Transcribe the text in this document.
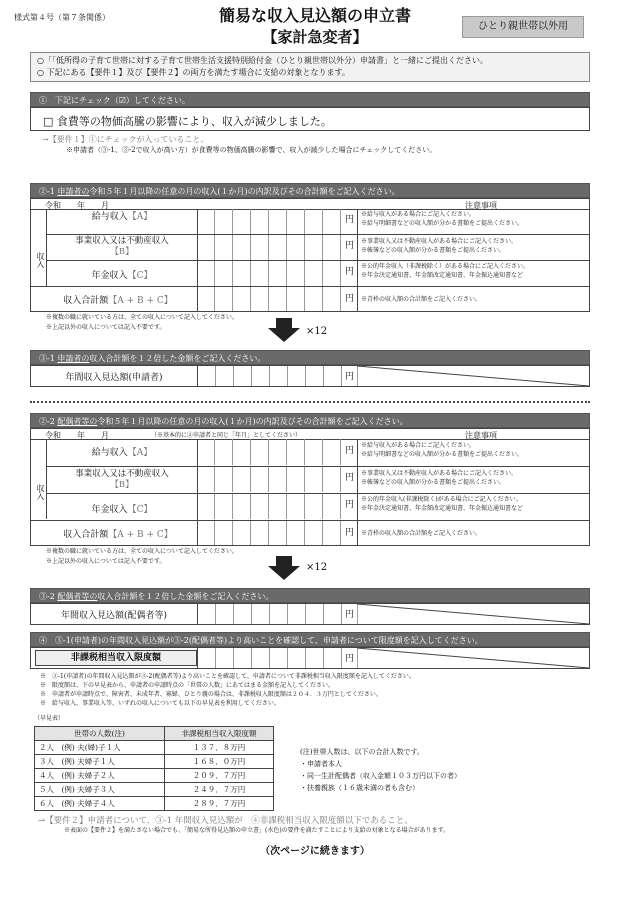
様式第４号（第７条関係）	簡易な収入見込額の申立書
【家計急変者】
ひとり親世帯以外用
○「「低所得の子育て世帯に対する子育て世帯生活支援特別給付金（ひとり親世帯以外分）申請書」と一緒にご提出ください。
○ 下記にある【要件１】及び【要件２】の両方を満たす場合に支給の対象となります。
①　下記にチェック（☑）してください。
□ 食費等の物価高騰の影響により、収入が減少しました。
→【要件１】①にチェックが入っていること。
※申請者（③-1、③-2で収入が高い方）が食費等の物価高騰の影響で、収入が減少した場合にチェックしてください。
②-1 申請者の令和５年１月以降の任意の月の収入(１か月)の内訳及びその合計額をご記入ください。
令和　　年　　月	注意事項
収入
給与収入【A】	円
※給与収入がある場合にご記入ください。
※給与明細書などの収入額が分かる書類をご提出ください。
事業収入又は不動産収入
【B】
円 ※事業収入又は不動産収入がある場合にご記入ください。
※帳簿などの収入額が分かる書類をご提出ください。
年金収入【C】	円
※公的年金収入（非課税除く）がある場合にご記入ください。
※年金決定通知書、年金額改定通知書、年金振込通知書など
収入合計額【A + B + C】	円 ※青枠の収入額の合計額をご記入ください。
※複数の職に就いている方は、全ての収入について記入してください。
※上記以外の収入については記入不要です。	×12
③-1 申請者の収入合計額を１２倍した金額をご記入ください。
年間収入見込額(申請者)	円
②-2 配偶者等の令和５年１月以降の任意の月の収入(１か月)の内訳及びその合計額をご記入ください。
令和　　年　　月	（※基本的に②申請者と同じ「年月」としてください）	注意事項
収入
給与収入【A】	円
※給与収入がある場合にご記入ください。
※給与明細書などの収入額が分かる書類をご提出ください。
事業収入又は不動産収入
【B】
円 ※事業収入又は不動産収入がある場合にご記入ください。
※帳簿などの収入額が分かる書類をご提出ください。
年金収入【C】	円
※公的年金収入(非課税除く)がある場合にご記入ください。
※年金決定通知書、年金額改定通知書、年金振込通知書など
収入合計額【A + B + C】	円 ※青枠の収入額の合計額をご記入ください。
※複数の職に就いている方は、全ての収入について記入してください。
※上記以外の収入については記入不要です。
×12
③-2 配偶者等の収入合計額を１２倍した金額をご記入ください。
年間収入見込額(配偶者等)	円
④　③-1(申請者)の年間収入見込額が③-2(配偶者等)より高いことを確認して、申請者について限度額を記入してください。
非課税相当収入限度額	円
※　③-1(申請者)の年間収入見込額が③-2(配偶者等)より高いことを確認して、申請者について非課税相当収入限度額を記入してください。
※　限度額は、下の早見表から、申請者の申請時点の「世帯の人数」にあてはまる金額を記入してください。
※　申請者が申請時点で、障害者、未成年者、寡婦、ひとり親の場合は、非課税収入限度額は２０４．３万円としてください。
※　給与収入、事業収入等、いずれの収入についても以下の早見表を利用してください。
（早見表）
世帯の人数(注)	非課税相当収入限度額
２人　(例) 夫(婦)子１人	１３７．８万円
３人　(例) 夫婦子１人	１６８．０万円
４人　(例) 夫婦子２人	２０９．７万円
５人　(例) 夫婦子３人	２４９．７万円
６人　(例) 夫婦子４人	２８９．７万円
(注)世帯人数は、以下の合計人数です。
・申請者本人
・同一生計配偶者（収入金額１０３万円以下の者）
・扶養親族（１６歳未満の者も含む）
→【要件２】申請者について、③-1 年間収入見込額が　④非課税相当収入限度額以下であること。
※表面の【要件２】を満たさない場合でも、「簡易な所得見込額の申立書」(水色)の要件を満たすことにより支給の対象となる場合があります。
（次ページに続きます）
